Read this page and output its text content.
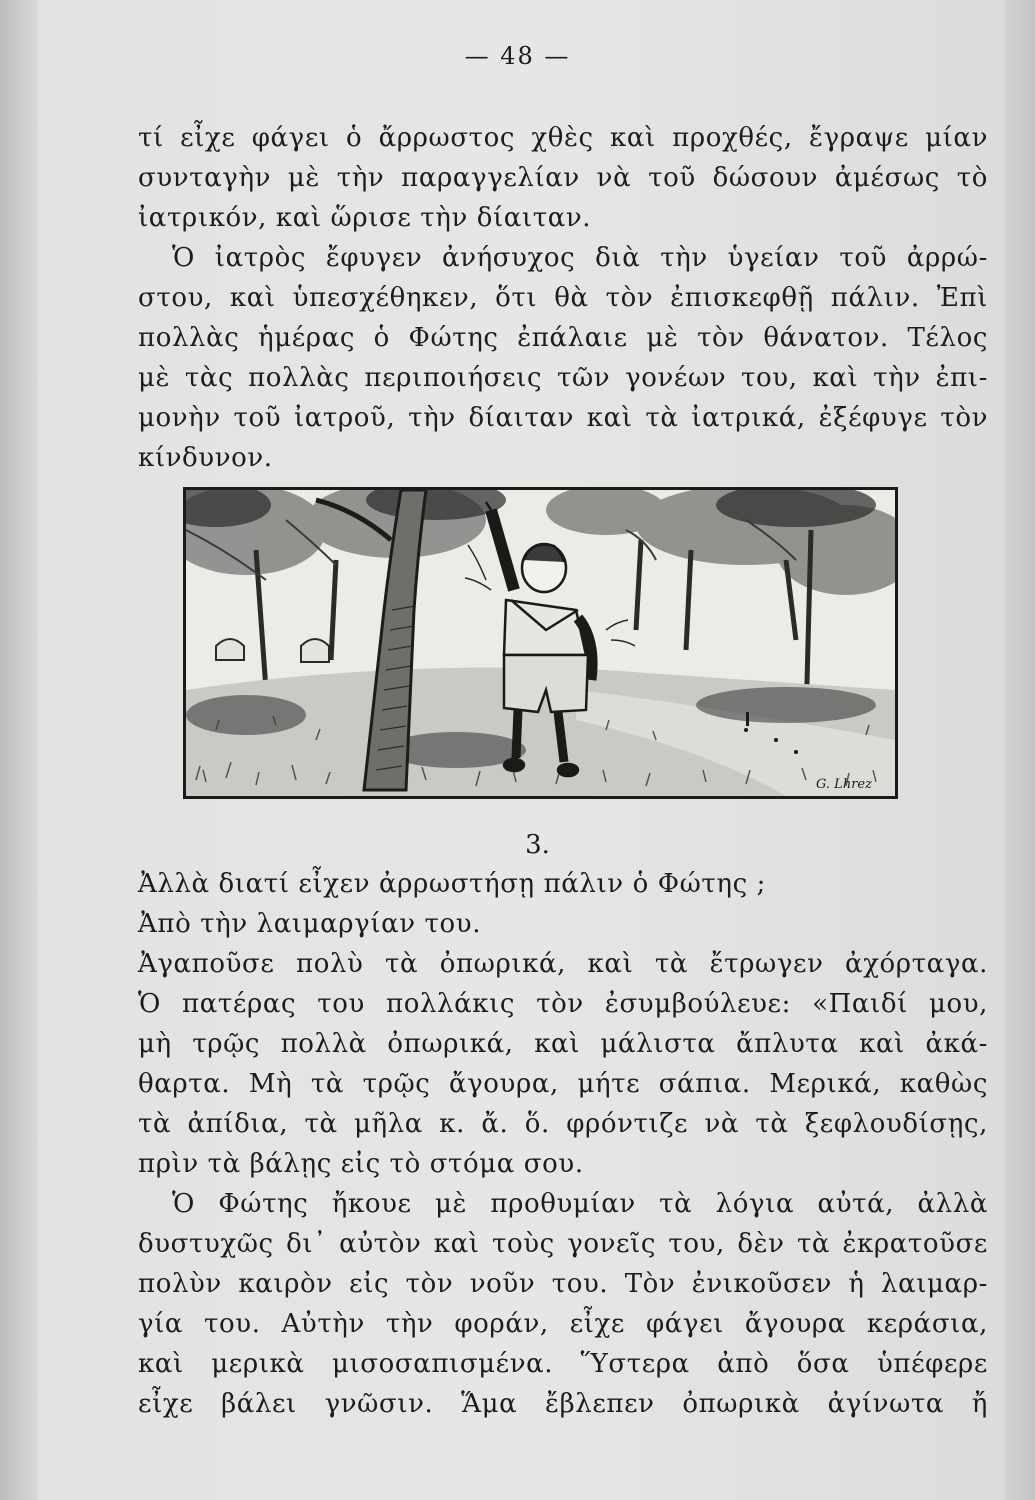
— 48 —
τί εἶχε φάγει ὁ ἄρρωστος χθὲς καὶ προχθές, ἔγραψε μίαν
συνταγὴν μὲ τὴν παραγγελίαν νὰ τοῦ δώσουν ἀμέσως τὸ
ἰατρικόν, καὶ ὥρισε τὴν δίαιταν.
Ὁ ἰατρὸς ἔφυγεν ἀνήσυχος διὰ τὴν ὑγείαν τοῦ ἀρρώ-
στου, καὶ ὑπεσχέθηκεν, ὅτι θὰ τὸν ἐπισκεφθῇ πάλιν. Ἐπὶ
πολλὰς ἡμέρας ὁ Φώτης ἐπάλαιε μὲ τὸν θάνατον. Τέλος
μὲ τὰς πολλὰς περιποιήσεις τῶν γονέων του, καὶ τὴν ἐπι-
μονὴν τοῦ ἰατροῦ, τὴν δίαιταν καὶ τὰ ἰατρικά, ἐξέφυγε τὸν
κίνδυνον.
G. Lhrez
3.
Ἀλλὰ διατί εἶχεν ἀρρωστήσῃ πάλιν ὁ Φώτης ;
Ἀπὸ τὴν λαιμαργίαν του.
Ἀγαποῦσε πολὺ τὰ ὀπωρικά, καὶ τὰ ἔτρωγεν ἀχόρταγα.
Ὁ πατέρας του πολλάκις τὸν ἐσυμβούλευε: «Παιδί μου,
μὴ τρῷς πολλὰ ὀπωρικά, καὶ μάλιστα ἄπλυτα καὶ ἀκά-
θαρτα. Μὴ τὰ τρῷς ἄγουρα, μήτε σάπια. Μερικά, καθὼς
τὰ ἀπίδια, τὰ μῆλα κ. ἄ. ὅ. φρόντιζε νὰ τὰ ξεφλουδίσῃς,
πρὶν τὰ βάλῃς εἰς τὸ στόμα σου.
Ὁ Φώτης ἤκουε μὲ προθυμίαν τὰ λόγια αὐτά, ἀλλὰ
δυστυχῶς δι᾿ αὐτὸν καὶ τοὺς γονεῖς του, δὲν τὰ ἐκρατοῦσε
πολὺν καιρὸν εἰς τὸν νοῦν του. Τὸν ἐνικοῦσεν ἡ λαιμαρ-
γία του. Αὐτὴν τὴν φοράν, εἶχε φάγει ἄγουρα κεράσια,
καὶ μερικὰ μισοσαπισμένα. Ὕστερα ἀπὸ ὅσα ὑπέφερε
εἶχε βάλει γνῶσιν. Ἅμα ἔβλεπεν ὀπωρικὰ ἀγίνωτα ἤ
